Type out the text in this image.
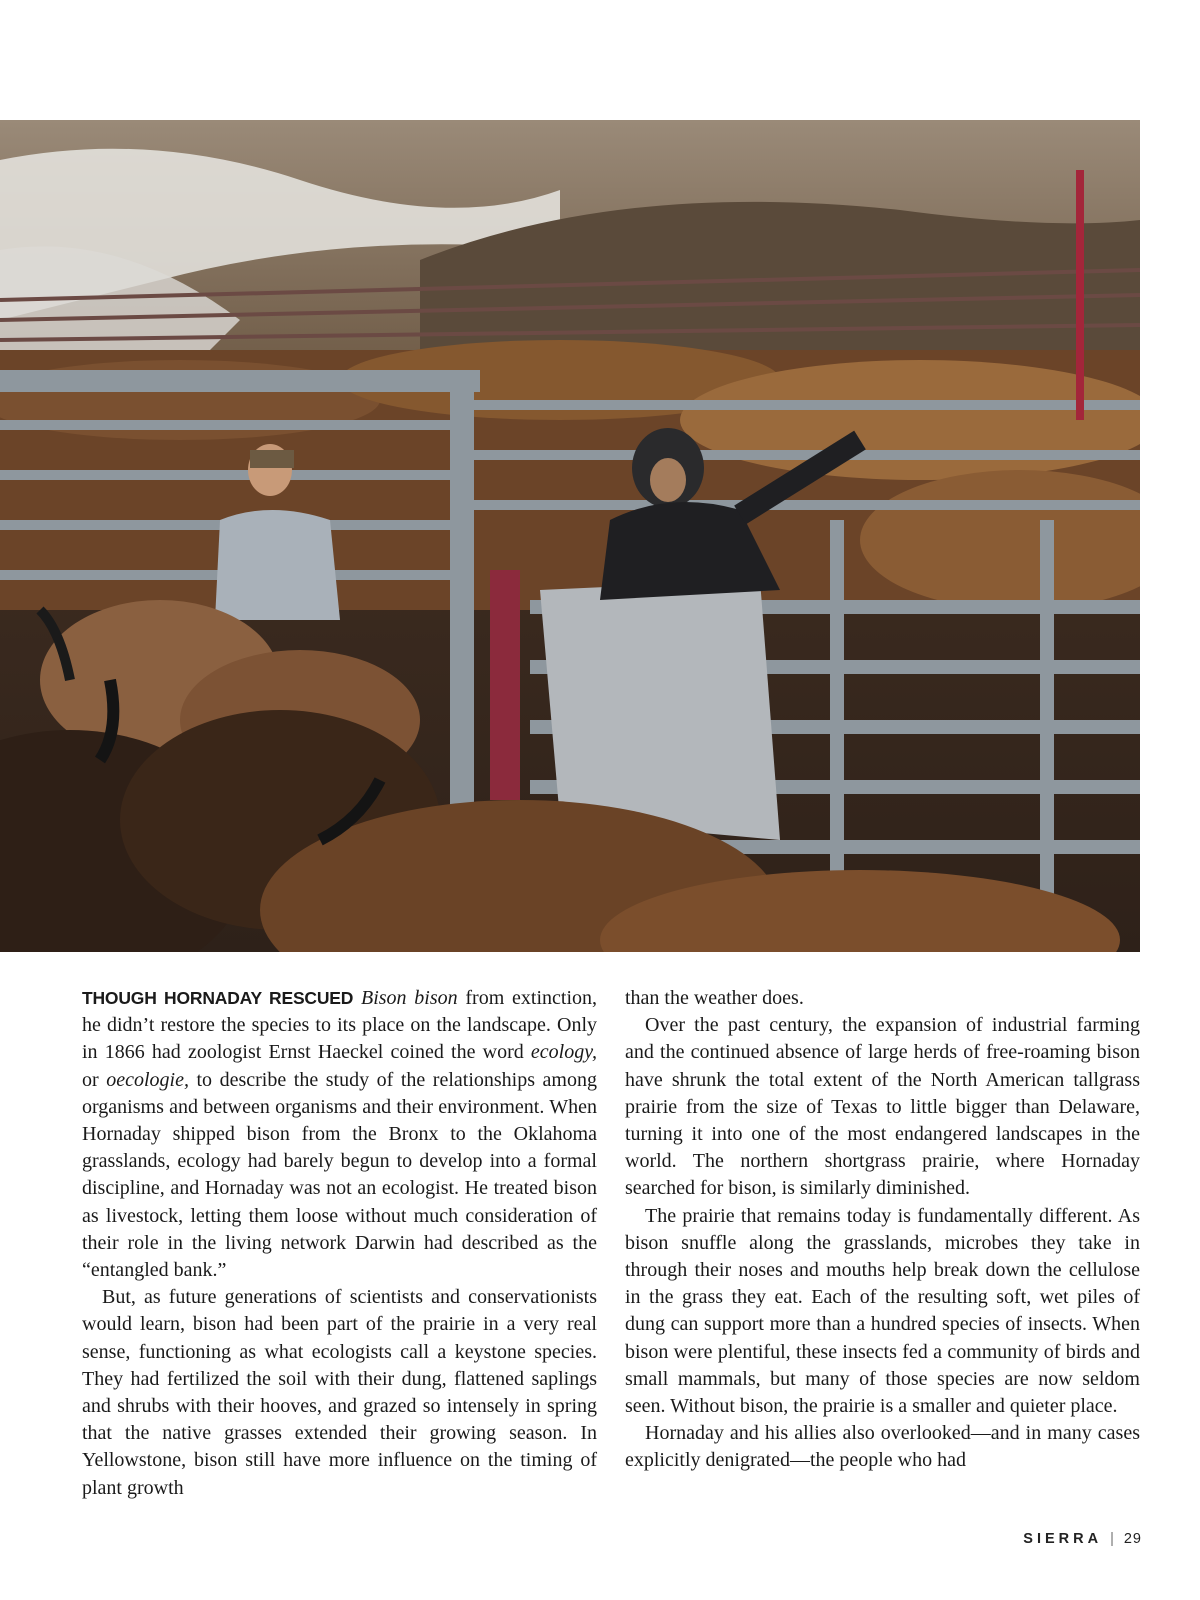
THOUGH HORNADAY RESCUED Bison bison from extinction, he didn’t restore the species to its place on the landscape. Only in 1866 had zoologist Ernst Haeckel coined the word ecology, or oecologie, to describe the study of the relationships among organisms and between organisms and their environment. When Hornaday shipped bison from the Bronx to the Oklahoma grasslands, ecology had barely begun to develop into a formal discipline, and Hornaday was not an ecologist. He treated bison as livestock, letting them loose without much consideration of their role in the living network Darwin had described as the “entangled bank.”

But, as future generations of scientists and conservationists would learn, bison had been part of the prairie in a very real sense, functioning as what ecologists call a keystone species. They had fertilized the soil with their dung, flattened saplings and shrubs with their hooves, and grazed so intensely in spring that the native grasses extended their growing season. In Yellowstone, bison still have more influence on the timing of plant growth

than the weather does.

Over the past century, the expansion of industrial farming and the continued absence of large herds of free-roaming bison have shrunk the total extent of the North American tallgrass prairie from the size of Texas to little bigger than Delaware, turning it into one of the most endangered landscapes in the world. The northern shortgrass prairie, where Hornaday searched for bison, is similarly diminished.

The prairie that remains today is fundamentally different. As bison snuffle along the grasslands, microbes they take in through their noses and mouths help break down the cellulose in the grass they eat. Each of the resulting soft, wet piles of dung can support more than a hundred species of insects. When bison were plentiful, these insects fed a community of birds and small mammals, but many of those species are now seldom seen. Without bison, the prairie is a smaller and quieter place.

Hornaday and his allies also overlooked—and in many cases explicitly denigrated—the people who had

SIERRA | 29
